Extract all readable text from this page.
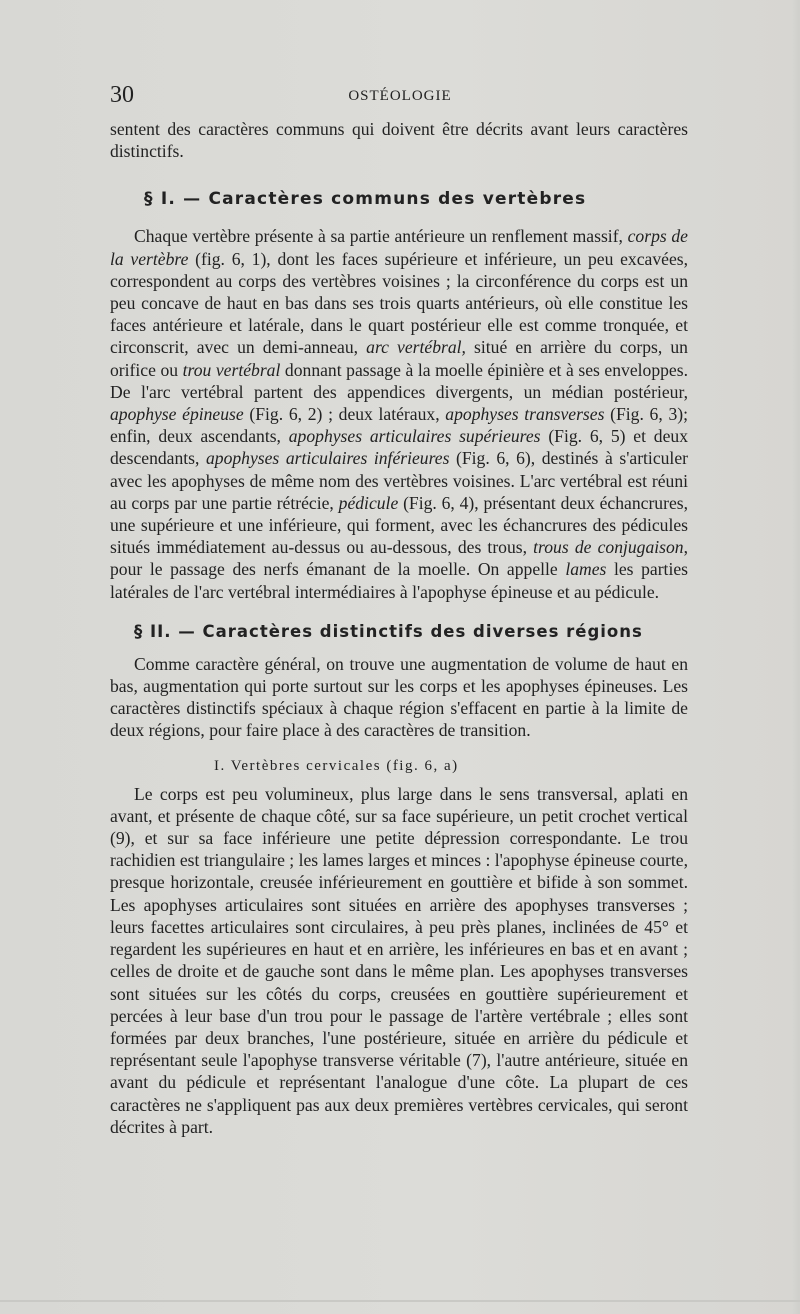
30	OSTÉOLOGIE

sentent des caractères communs qui doivent être décrits avant leurs caractères distinctifs.

§ I. — Caractères communs des vertèbres

Chaque vertèbre présente à sa partie antérieure un renflement massif, corps de la vertèbre (fig. 6, 1), dont les faces supérieure et inférieure, un peu excavées, correspondent au corps des vertèbres voisines ; la circonférence du corps est un peu concave de haut en bas dans ses trois quarts antérieurs, où elle constitue les faces antérieure et latérale, dans le quart postérieur elle est comme tronquée, et circonscrit, avec un demi-anneau, arc vertébral, situé en arrière du corps, un orifice ou trou vertébral donnant passage à la moelle épinière et à ses enveloppes. De l'arc vertébral partent des appendices divergents, un médian postérieur, apophyse épineuse (Fig. 6, 2) ; deux latéraux, apophyses transverses (Fig. 6, 3); enfin, deux ascendants, apophyses articulaires supérieures (Fig. 6, 5) et deux descendants, apophyses articulaires inférieures (Fig. 6, 6), destinés à s'articuler avec les apophyses de même nom des vertèbres voisines. L'arc vertébral est réuni au corps par une partie rétrécie, pédicule (Fig. 6, 4), présentant deux échancrures, une supérieure et une inférieure, qui forment, avec les échancrures des pédicules situés immédiatement au-dessus ou au-dessous, des trous, trous de conjugaison, pour le passage des nerfs émanant de la moelle. On appelle lames les parties latérales de l'arc vertébral intermédiaires à l'apophyse épineuse et au pédicule.

§ II. — Caractères distinctifs des diverses régions

Comme caractère général, on trouve une augmentation de volume de haut en bas, augmentation qui porte surtout sur les corps et les apophyses épineuses. Les caractères distinctifs spéciaux à chaque région s'effacent en partie à la limite de deux régions, pour faire place à des caractères de transition.

I. Vertèbres cervicales (fig. 6, a)

Le corps est peu volumineux, plus large dans le sens transversal, aplati en avant, et présente de chaque côté, sur sa face supérieure, un petit crochet vertical (9), et sur sa face inférieure une petite dépression correspondante. Le trou rachidien est triangulaire ; les lames larges et minces : l'apophyse épineuse courte, presque horizontale, creusée inférieurement en gouttière et bifide à son sommet. Les apophyses articulaires sont situées en arrière des apophyses transverses ; leurs facettes articulaires sont circulaires, à peu près planes, inclinées de 45° et regardent les supérieures en haut et en arrière, les inférieures en bas et en avant ; celles de droite et de gauche sont dans le même plan. Les apophyses transverses sont situées sur les côtés du corps, creusées en gouttière supérieurement et percées à leur base d'un trou pour le passage de l'artère vertébrale ; elles sont formées par deux branches, l'une postérieure, située en arrière du pédicule et représentant seule l'apophyse transverse véritable (7), l'autre antérieure, située en avant du pédicule et représentant l'analogue d'une côte. La plupart de ces caractères ne s'appliquent pas aux deux premières vertèbres cervicales, qui seront décrites à part.
